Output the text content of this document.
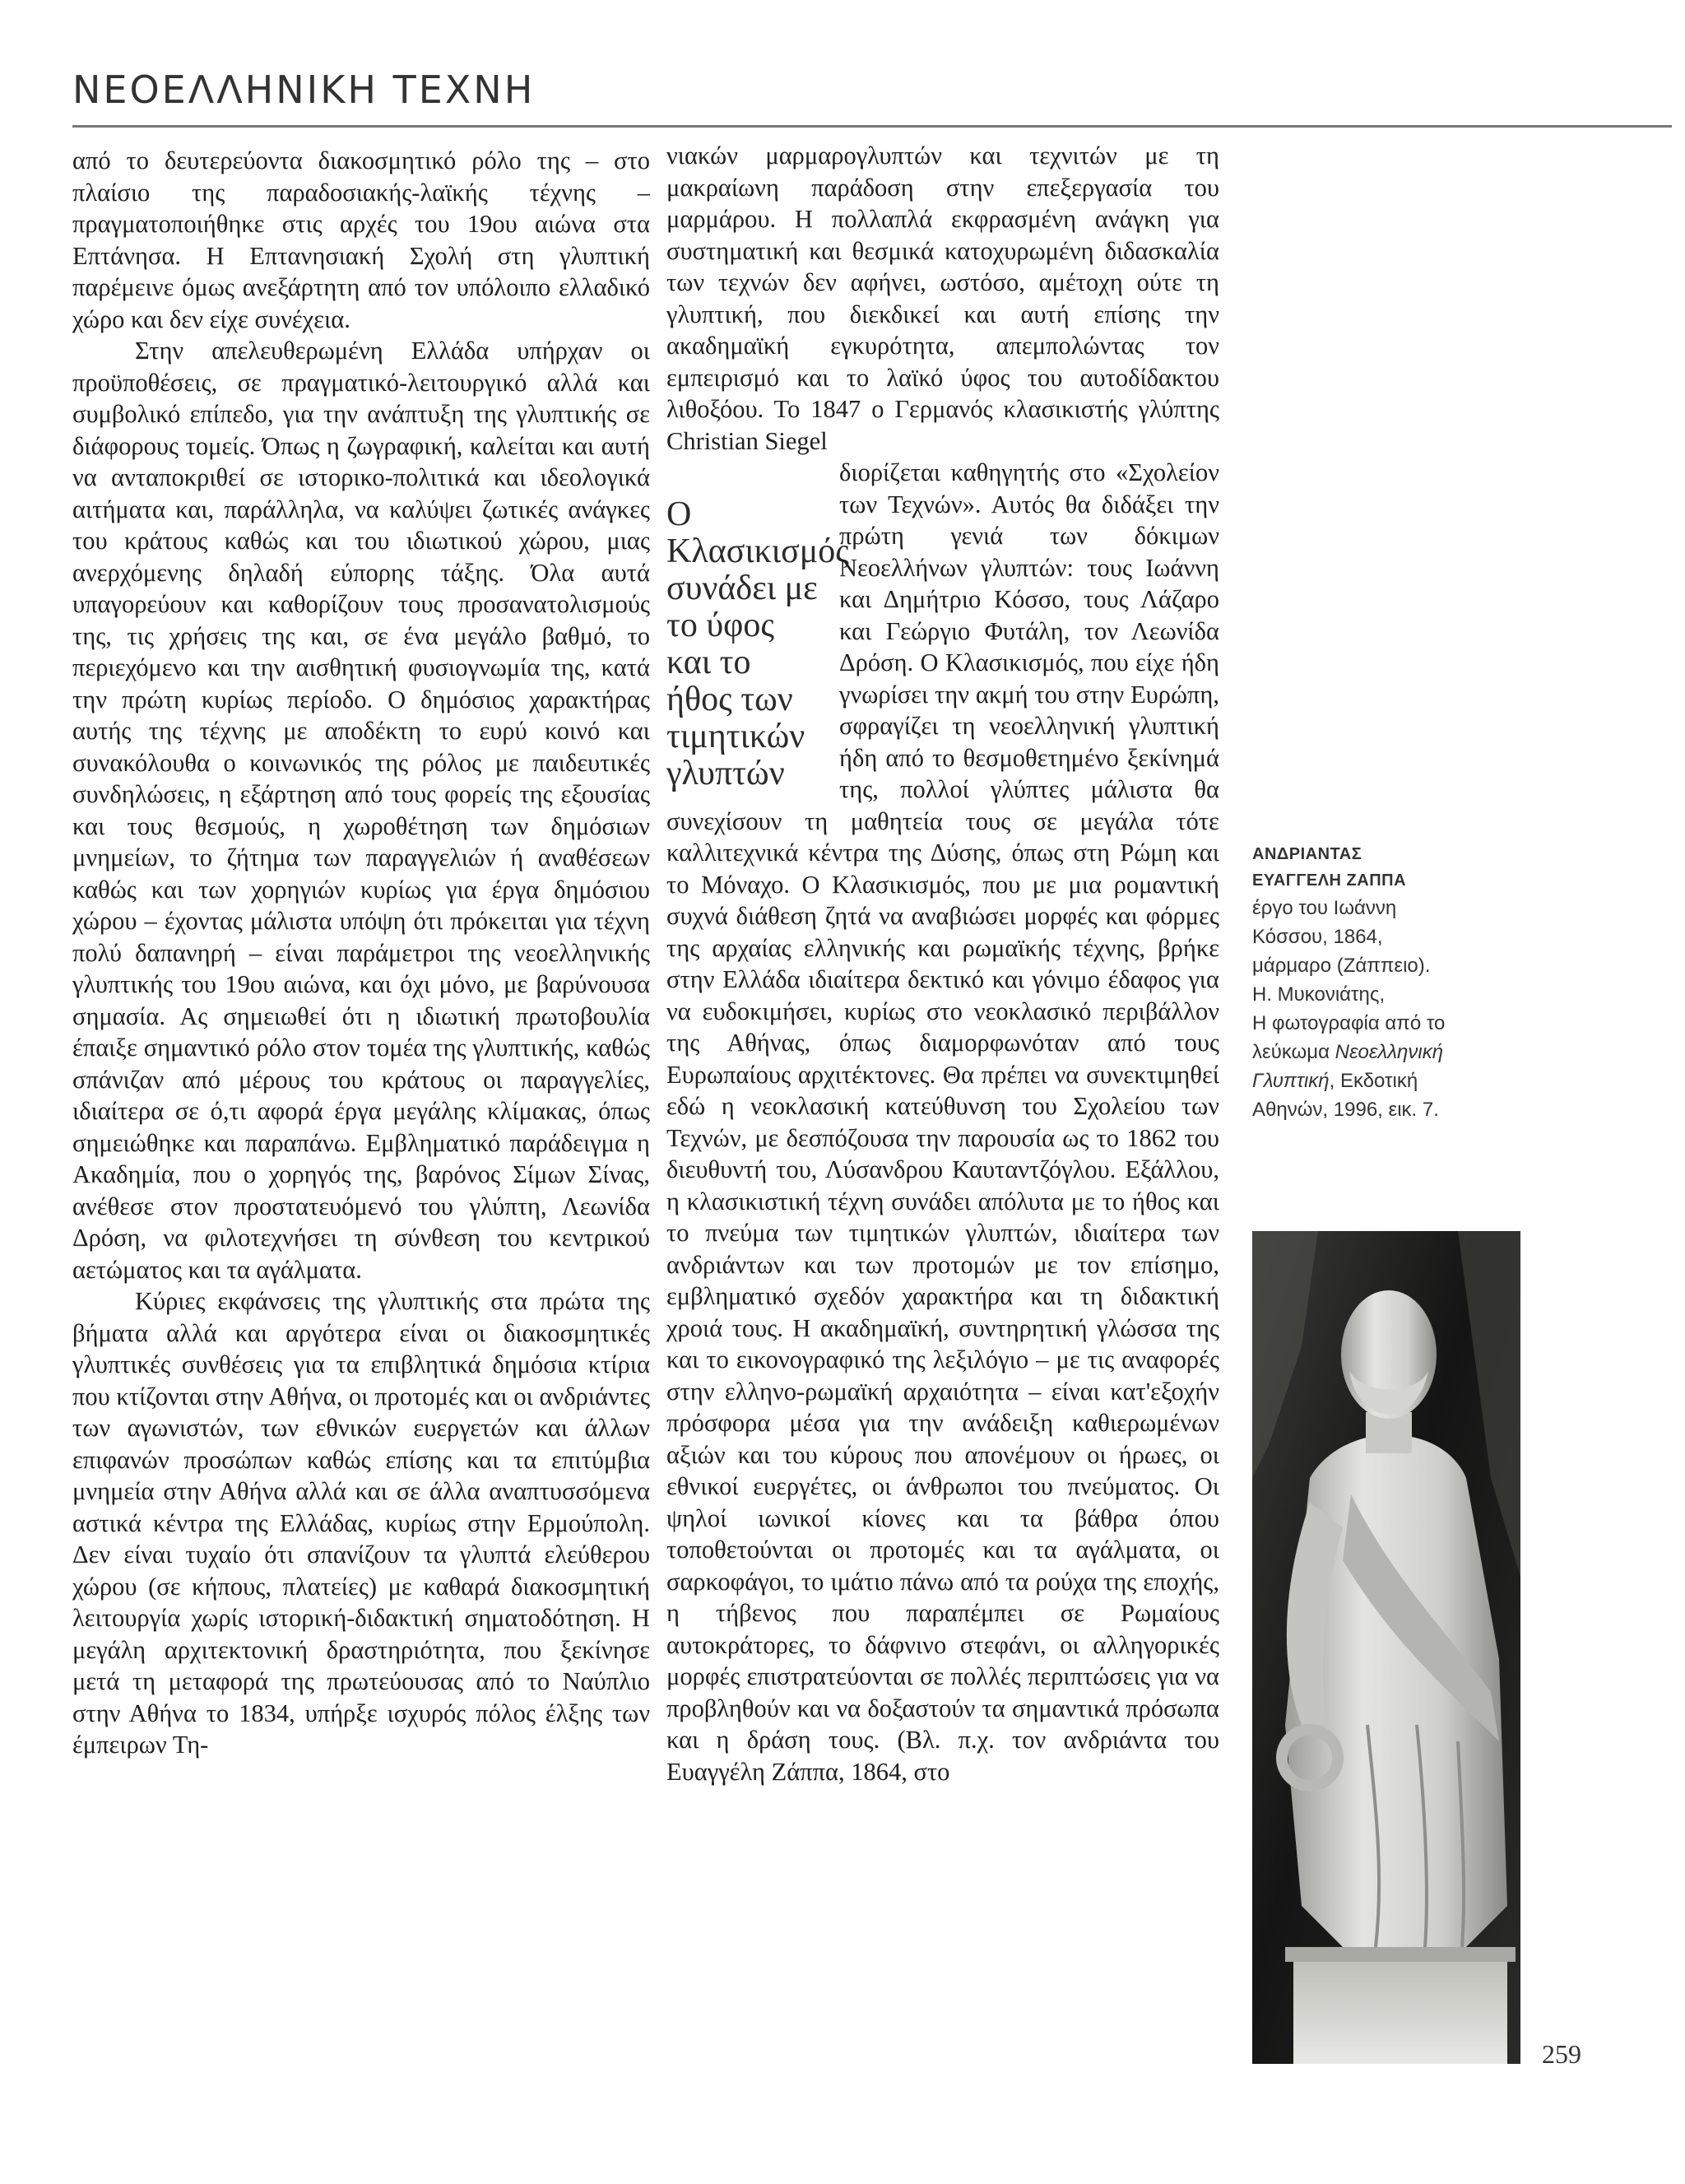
ΝΕΟΕΛΛΗΝΙΚΗ ΤΕΧΝΗ

από το δευτερεύοντα διακοσμητικό ρόλο της – στο πλαίσιο της παραδοσιακής-λαϊκής τέχνης – πραγματοποιήθηκε στις αρχές του 19ου αιώνα στα Επτάνησα. Η Επτανησιακή Σχολή στη γλυπτική παρέμεινε όμως ανεξάρτητη από τον υπόλοιπο ελλαδικό χώρο και δεν είχε συνέχεια.

Στην απελευθερωμένη Ελλάδα υπήρχαν οι προϋποθέσεις, σε πραγματικό-λειτουργικό αλλά και συμβολικό επίπεδο, για την ανάπτυξη της γλυπτικής σε διάφορους τομείς. Όπως η ζωγραφική, καλείται και αυτή να ανταποκριθεί σε ιστορικο-πολιτικά και ιδεολογικά αιτήματα και, παράλληλα, να καλύψει ζωτικές ανάγκες του κράτους καθώς και του ιδιωτικού χώρου, μιας ανερχόμενης δηλαδή εύπορης τάξης. Όλα αυτά υπαγορεύουν και καθορίζουν τους προσανατολισμούς της, τις χρήσεις της και, σε ένα μεγάλο βαθμό, το περιεχόμενο και την αισθητική φυσιογνωμία της, κατά την πρώτη κυρίως περίοδο. Ο δημόσιος χαρακτήρας αυτής της τέχνης με αποδέκτη το ευρύ κοινό και συνακόλουθα ο κοινωνικός της ρόλος με παιδευτικές συνδηλώσεις, η εξάρτηση από τους φορείς της εξουσίας και τους θεσμούς, η χωροθέτηση των δημόσιων μνημείων, το ζήτημα των παραγγελιών ή αναθέσεων καθώς και των χορηγιών κυρίως για έργα δημόσιου χώρου – έχοντας μάλιστα υπόψη ότι πρόκειται για τέχνη πολύ δαπανηρή – είναι παράμετροι της νεοελληνικής γλυπτικής του 19ου αιώνα, και όχι μόνο, με βαρύνουσα σημασία. Ας σημειωθεί ότι η ιδιωτική πρωτοβουλία έπαιξε σημαντικό ρόλο στον τομέα της γλυπτικής, καθώς σπάνιζαν από μέρους του κράτους οι παραγγελίες, ιδιαίτερα σε ό,τι αφορά έργα μεγάλης κλίμακας, όπως σημειώθηκε και παραπάνω. Εμβληματικό παράδειγμα η Ακαδημία, που ο χορηγός της, βαρόνος Σίμων Σίνας, ανέθεσε στον προστατευόμενό του γλύπτη, Λεωνίδα Δρόση, να φιλοτεχνήσει τη σύνθεση του κεντρικού αετώματος και τα αγάλματα.

Κύριες εκφάνσεις της γλυπτικής στα πρώτα της βήματα αλλά και αργότερα είναι οι διακοσμητικές γλυπτικές συνθέσεις για τα επιβλητικά δημόσια κτίρια που κτίζονται στην Αθήνα, οι προτομές και οι ανδριάντες των αγωνιστών, των εθνικών ευεργετών και άλλων επιφανών προσώπων καθώς επίσης και τα επιτύμβια μνημεία στην Αθήνα αλλά και σε άλλα αναπτυσσόμενα αστικά κέντρα της Ελλάδας, κυρίως στην Ερμούπολη. Δεν είναι τυχαίο ότι σπανίζουν τα γλυπτά ελεύθερου χώρου (σε κήπους, πλατείες) με καθαρά διακοσμητική λειτουργία χωρίς ιστορική-διδακτική σηματοδότηση. Η μεγάλη αρχιτεκτονική δραστηριότητα, που ξεκίνησε μετά τη μεταφορά της πρωτεύουσας από το Ναύπλιο στην Αθήνα το 1834, υπήρξε ισχυρός πόλος έλξης των έμπειρων Τη-

νιακών μαρμαρογλυπτών και τεχνιτών με τη μακραίωνη παράδοση στην επεξεργασία του μαρμάρου. Η πολλαπλά εκφρασμένη ανάγκη για συστηματική και θεσμικά κατοχυρωμένη διδασκαλία των τεχνών δεν αφήνει, ωστόσο, αμέτοχη ούτε τη γλυπτική, που διεκδικεί και αυτή επίσης την ακαδημαϊκή εγκυρότητα, απεμπολώντας τον εμπειρισμό και το λαϊκό ύφος του αυτοδίδακτου λιθοξόου. Το 1847 ο Γερμανός κλασικιστής γλύπτης Christian Siegel

Ο Κλασικισμός συνάδει με το ύφος και το ήθος των τιμητικών γλυπτών

διορίζεται καθηγητής στο «Σχολείον των Τεχνών». Αυτός θα διδάξει την πρώτη γενιά των δόκιμων Νεοελλήνων γλυπτών: τους Ιωάννη και Δημήτριο Κόσσο, τους Λάζαρο και Γεώργιο Φυτάλη, τον Λεωνίδα Δρόση. Ο Κλασικισμός, που είχε ήδη γνωρίσει την ακμή του στην Ευρώπη, σφραγίζει τη νεοελληνική γλυπτική ήδη από το θεσμοθετημένο ξεκίνημά της, πολλοί γλύπτες μάλιστα θα συνεχίσουν τη μαθητεία τους σε μεγάλα τότε καλλιτεχνικά κέντρα της Δύσης, όπως στη Ρώμη και το Μόναχο. Ο Κλασικισμός, που με μια ρομαντική συχνά διάθεση ζητά να αναβιώσει μορφές και φόρμες της αρχαίας ελληνικής και ρωμαϊκής τέχνης, βρήκε στην Ελλάδα ιδιαίτερα δεκτικό και γόνιμο έδαφος για να ευδοκιμήσει, κυρίως στο νεοκλασικό περιβάλλον της Αθήνας, όπως διαμορφωνόταν από τους Ευρωπαίους αρχιτέκτονες. Θα πρέπει να συνεκτιμηθεί εδώ η νεοκλασική κατεύθυνση του Σχολείου των Τεχνών, με δεσπόζουσα την παρουσία ως το 1862 του διευθυντή του, Λύσανδρου Καυταντζόγλου. Εξάλλου, η κλασικιστική τέχνη συνάδει απόλυτα με το ήθος και το πνεύμα των τιμητικών γλυπτών, ιδιαίτερα των ανδριάντων και των προτομών με τον επίσημο, εμβληματικό σχεδόν χαρακτήρα και τη διδακτική χροιά τους. Η ακαδημαϊκή, συντηρητική γλώσσα της και το εικονογραφικό της λεξιλόγιο – με τις αναφορές στην ελληνο-ρωμαϊκή αρχαιότητα – είναι κατ'εξοχήν πρόσφορα μέσα για την ανάδειξη καθιερωμένων αξιών και του κύρους που απονέμουν οι ήρωες, οι εθνικοί ευεργέτες, οι άνθρωποι του πνεύματος. Οι ψηλοί ιωνικοί κίονες και τα βάθρα όπου τοποθετούνται οι προτομές και τα αγάλματα, οι σαρκοφάγοι, το ιμάτιο πάνω από τα ρούχα της εποχής, η τήβενος που παραπέμπει σε Ρωμαίους αυτοκράτορες, το δάφνινο στεφάνι, οι αλληγορικές μορφές επιστρατεύονται σε πολλές περιπτώσεις για να προβληθούν και να δοξαστούν τα σημαντικά πρόσωπα και η δράση τους. (Βλ. π.χ. τον ανδριάντα του Ευαγγέλη Ζάππα, 1864, στο

ΑΝΔΡΙΑΝΤΑΣ
ΕΥΑΓΓΕΛΗ ΖΑΠΠΑ
έργο του Ιωάννη
Κόσσου, 1864,
μάρμαρο (Ζάππειο).
Η. Μυκονιάτης,
Η φωτογραφία από το
λεύκωμα Νεοελληνική
Γλυπτική, Εκδοτική
Αθηνών, 1996, εικ. 7.
259
